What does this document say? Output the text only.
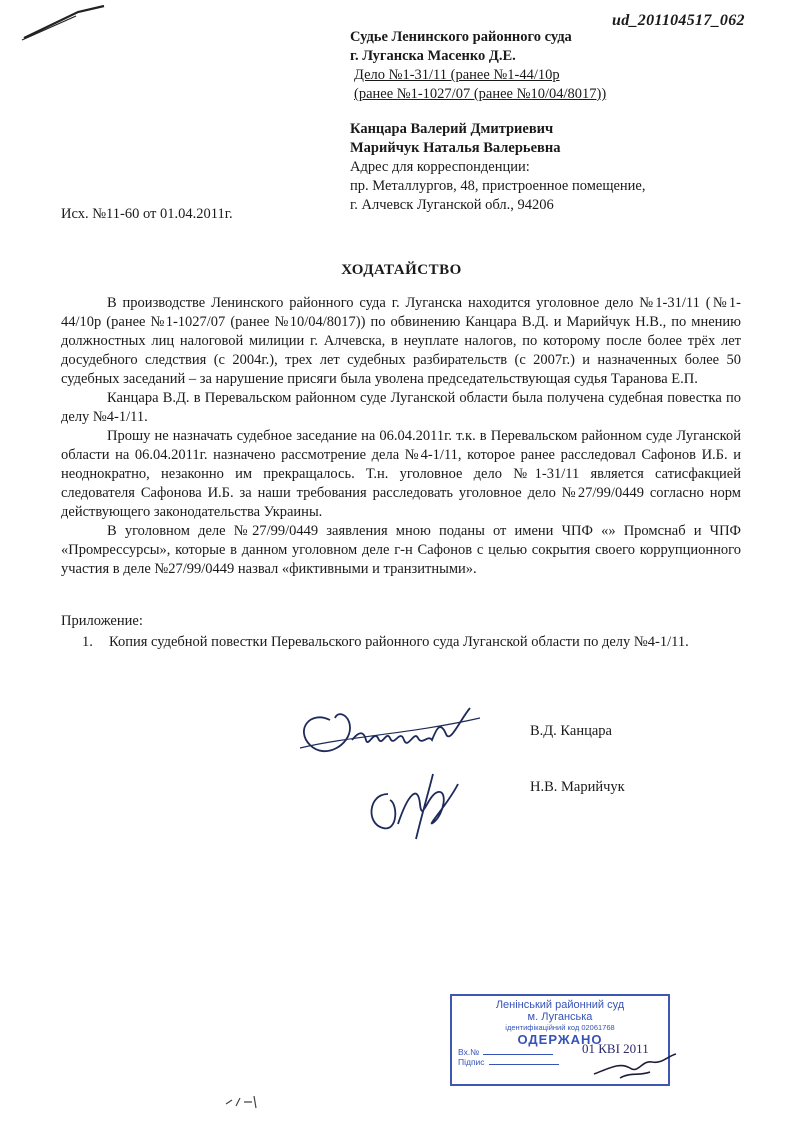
ud_201104517_062
Судье Ленинского районного суда
г. Луганска Масенко Д.Е.
Дело №1-31/11 (ранее №1-44/10р
(ранее №1-1027/07 (ранее №10/04/8017))
Канцара Валерий Дмитриевич
Марийчук Наталья Валерьевна
Адрес для корреспонденции:
пр. Металлургов, 48, пристроенное помещение,
г. Алчевск Луганской обл., 94206
Исх. №11-60 от 01.04.2011г.
ХОДАТАЙСТВО

В производстве Ленинского районного суда г. Луганска находится уголовное дело №1-31/11 (№1-44/10р (ранее №1-1027/07 (ранее №10/04/8017)) по обвинению Канцара В.Д. и Марийчук Н.В., по мнению должностных лиц налоговой милиции г. Алчевска, в неуплате налогов, по которому после более трёх лет досудебного следствия (с 2004г.), трех лет судебных разбирательств (с 2007г.) и назначенных более 50 судебных заседаний – за нарушение присяги была уволена председательствующая судья Таранова Е.П.

Канцара В.Д. в Перевальском районном суде Луганской области была получена судебная повестка по делу №4-1/11.

Прошу не назначать судебное заседание на 06.04.2011г. т.к. в Перевальском районном суде Луганской области на 06.04.2011г. назначено рассмотрение дела №4-1/11, которое ранее расследовал Сафонов И.Б. и неоднократно, незаконно им прекращалось. Т.н. уголовное дело №1-31/11 является сатисфакцией следователя Сафонова И.Б. за наши требования расследовать уголовное дело №27/99/0449 согласно норм действующего законодательства Украины.

В уголовном деле №27/99/0449 заявления мною поданы от имени ЧПФ «» Промснаб и ЧПФ «Промрессурсы», которые в данном уголовном деле г-н Сафонов с целью сокрытия своего коррупционного участия в деле №27/99/0449 назвал «фиктивными и транзитными».

Приложение:
1.	Копия судебной повестки Перевальского районного суда Луганской области по делу №4-1/11.
В.Д. Канцара
Н.В. Марийчук
Ленінський районний суд
м. Луганська
ідентифікаційний код 02061768
ОДЕРЖАНО
Вх.№	01 КВІ 2011
Підпис
